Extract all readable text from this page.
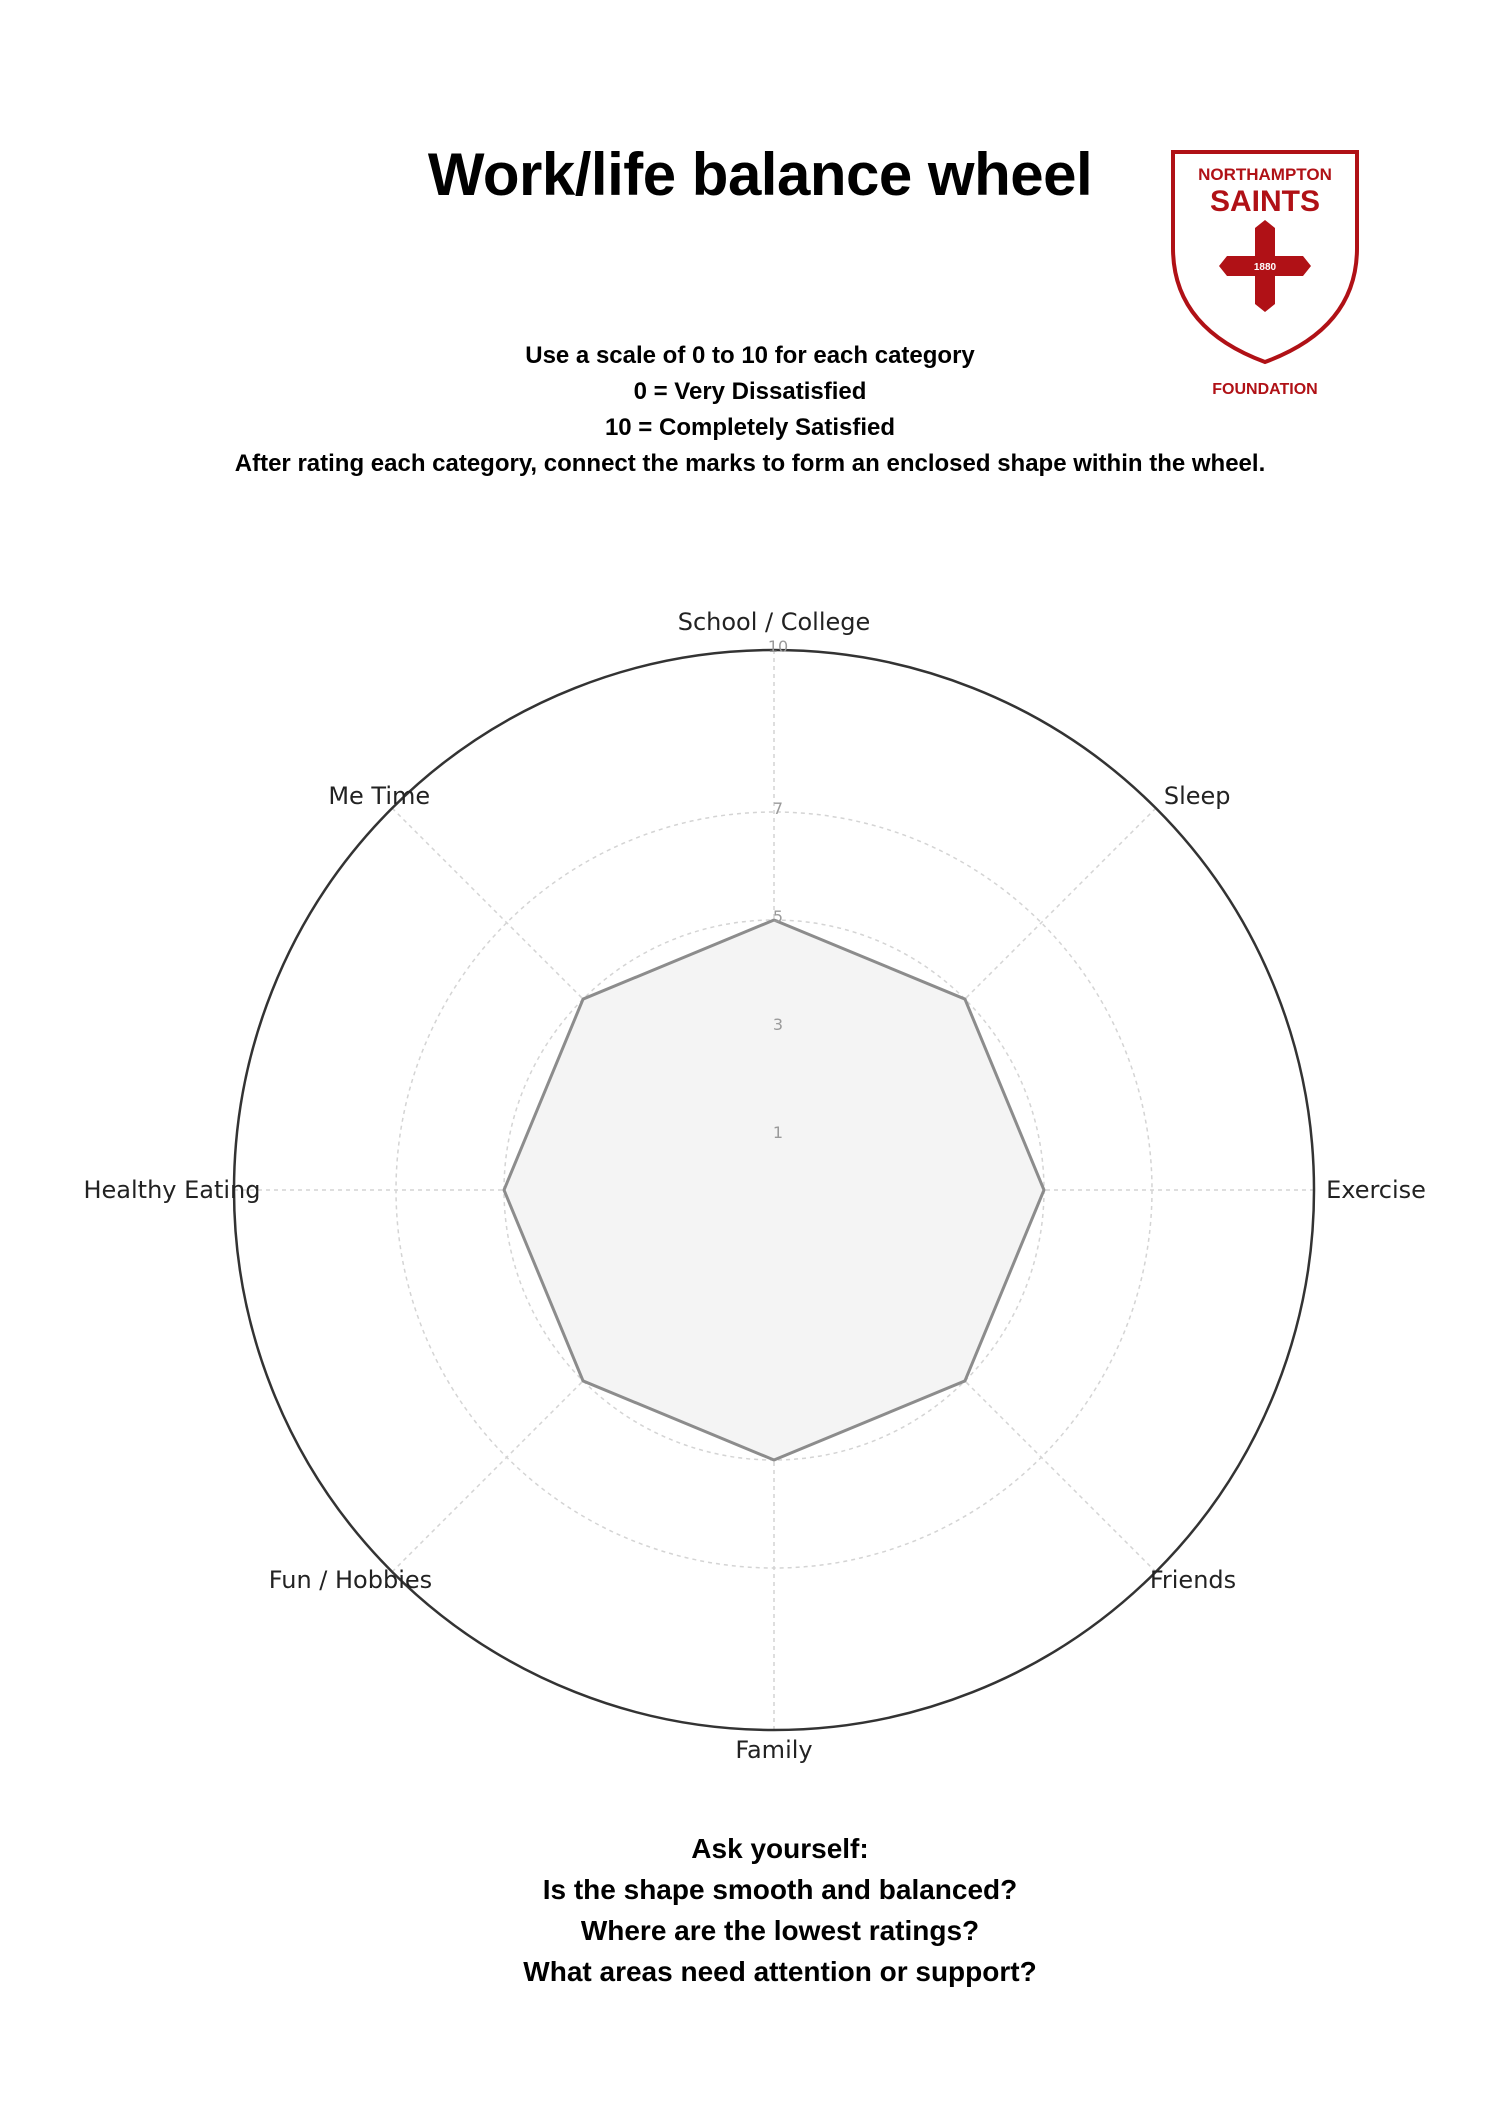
Work/life balance wheel	NORTHAMPTON
SAINTS
1880
FOUNDATION
Use a scale of 0 to 10 for each category
0 = Very Dissatisfied
10 = Completely Satisfied
After rating each category, connect the marks to form an enclosed shape within the wheel.
1
3
5
7
10
School / College
Sleep
Exercise
Friends
Family
Fun / Hobbies
Healthy Eating
Me Time
Ask yourself:
Is the shape smooth and balanced?
Where are the lowest ratings?
What areas need attention or support?
